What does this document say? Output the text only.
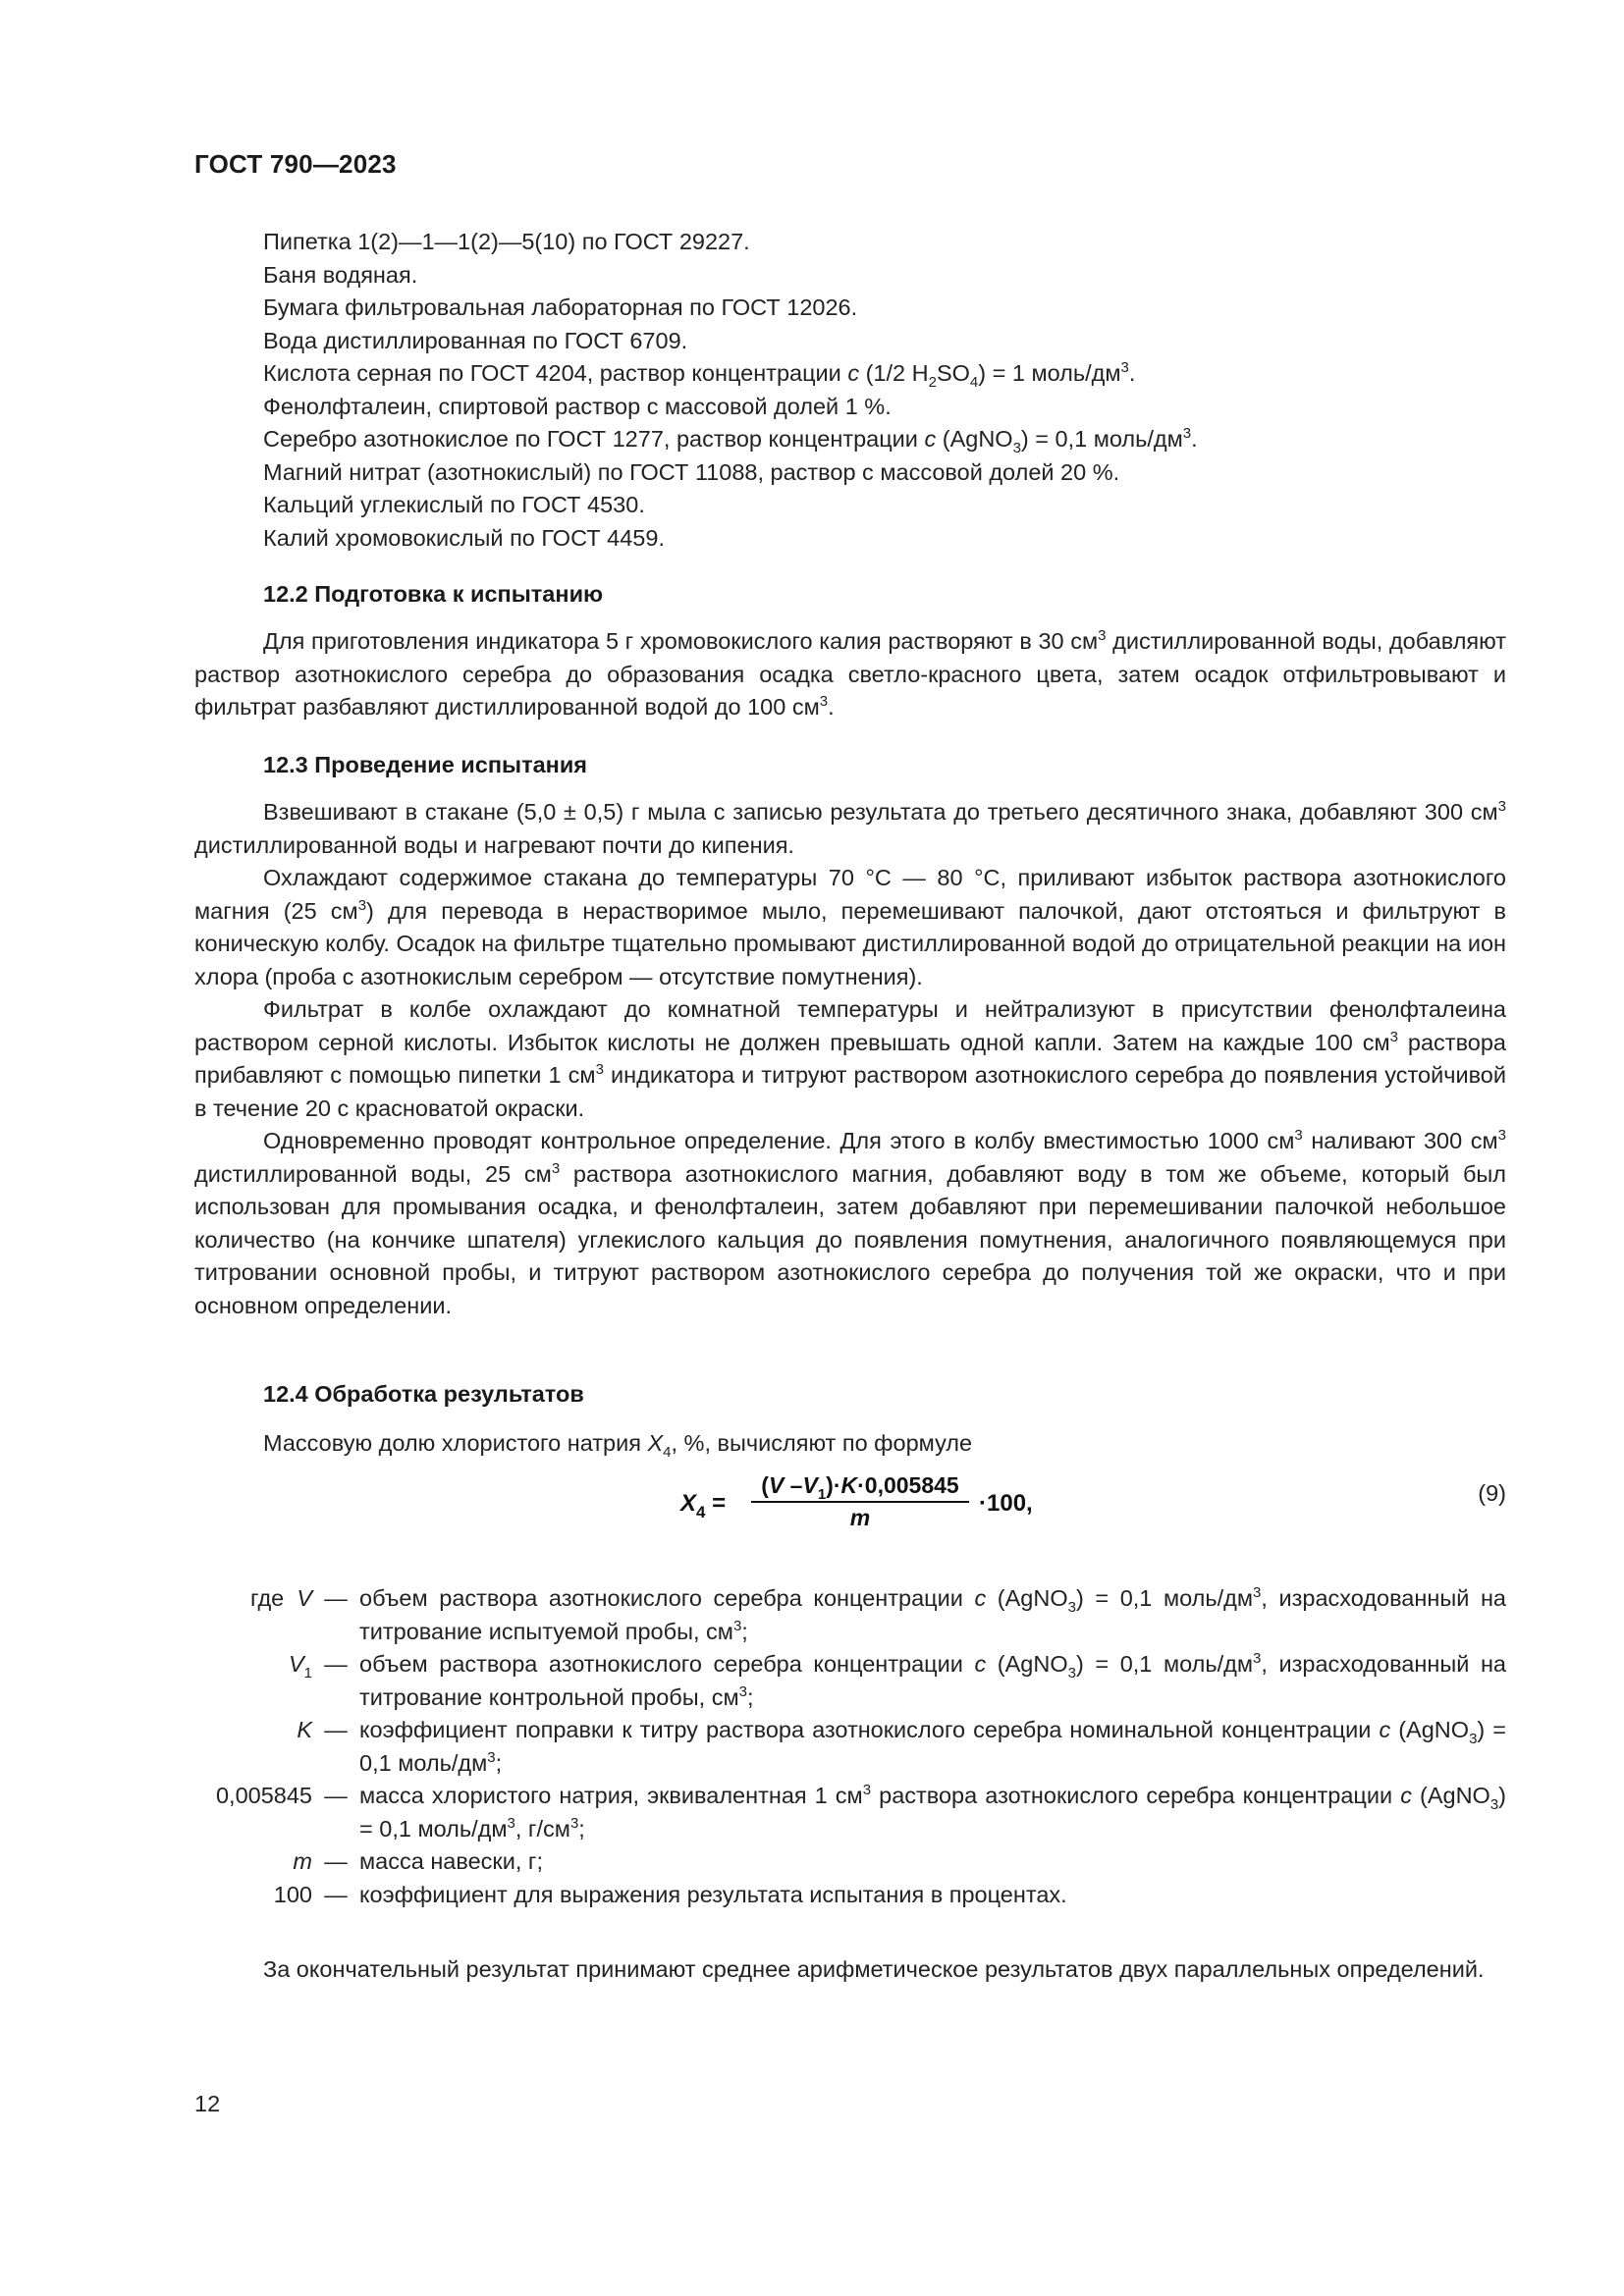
ГОСТ 790—2023
Пипетка 1(2)—1—1(2)—5(10) по ГОСТ 29227.
Баня водяная.
Бумага фильтровальная лабораторная по ГОСТ 12026.
Вода дистиллированная по ГОСТ 6709.
Кислота серная по ГОСТ 4204, раствор концентрации c (1/2 $H_2SO_4) = 1$ моль/$дм^3$.
Фенолфталеин, спиртовой раствор с массовой долей 1 %.
Серебро азотнокислое по ГОСТ 1277, раствор концентрации c (AgNO$_3$) = 0,1 моль/$дм^3$.
Магний нитрат (азотнокислый) по ГОСТ 11088, раствор с массовой долей 20 %.
Кальций углекислый по ГОСТ 4530.
Калий хромовокислый по ГОСТ 4459.
12.2 Подготовка к испытанию

Для приготовления индикатора 5 г хромовокислого калия растворяют в 30 $см^3$ дистиллированной воды, добавляют раствор азотнокислого серебра до образования осадка светло-красного цвета, затем осадок отфильтровывают и фильтрат разбавляют дистиллированной водой до 100 $см^3$.

12.3 Проведение испытания

Взвешивают в стакане (5,0 ± 0,5) г мыла с записью результата до третьего десятичного знака, добавляют 300 $см^3$ дистиллированной воды и нагревают почти до кипения.

Охлаждают содержимое стакана до температуры 70 °С — 80 °С, приливают избыток раствора азотнокислого магния (25 $см^3$) для перевода в нерастворимое мыло, перемешивают палочкой, дают отстояться и фильтруют в коническую колбу. Осадок на фильтре тщательно промывают дистиллированной водой до отрицательной реакции на ион хлора (проба с азотнокислым серебром — отсутствие помутнения).

Фильтрат в колбе охлаждают до комнатной температуры и нейтрализуют в присутствии фенолфталеина раствором серной кислоты. Избыток кислоты не должен превышать одной капли. Затем на каждые 100 $см^3$ раствора прибавляют с помощью пипетки 1 $см^3$ индикатора и титруют раствором азотнокислого серебра до появления устойчивой в течение 20 с красноватой окраски.

Одновременно проводят контрольное определение. Для этого в колбу вместимостью 1000 $см^3$ наливают 300 $см^3$ дистиллированной воды, 25 $см^3$ раствора азотнокислого магния, добавляют воду в том же объеме, который был использован для промывания осадка, и фенолфталеин, затем добавляют при перемешивании палочкой небольшое количество (на кончике шпателя) углекислого кальция до появления помутнения, аналогичного появляющемуся при титровании основной пробы, и титруют раствором азотнокислого серебра до получения той же окраски, что и при основном определении.

12.4 Обработка результатов
Массовую долю хлористого натрия $X_4$, %, вычисляют по формуле
$X_4$ =
(V $-V_1)\cdot K\cdot 0,005845$
m
·100,	(9)
где V — объем раствора азотнокислого серебра концентрации c (AgNO$_3$) = 0,1 моль/$дм^3$, израсходованный на титрование испытуемой пробы, $см^3$;
$V_1$ — объем раствора азотнокислого серебра концентрации c (AgNO$_3$) = 0,1 моль/$дм^3$, израсходованный на титрование контрольной пробы, $см^3$;
K — коэффициент поправки к титру раствора азотнокислого серебра номинальной концентрации c (AgNO$_3$) = 0,1 моль/$дм^3$;
0,005845 — масса хлористого натрия, эквивалентная 1 $см^3$ раствора азотнокислого серебра концентрации c (AgNO$_3$) = 0,1 моль/$дм^3$, $г/см^3$;
m — масса навески, г;
100 — коэффициент для выражения результата испытания в процентах.

За окончательный результат принимают среднее арифметическое результатов двух параллельных определений.

12
